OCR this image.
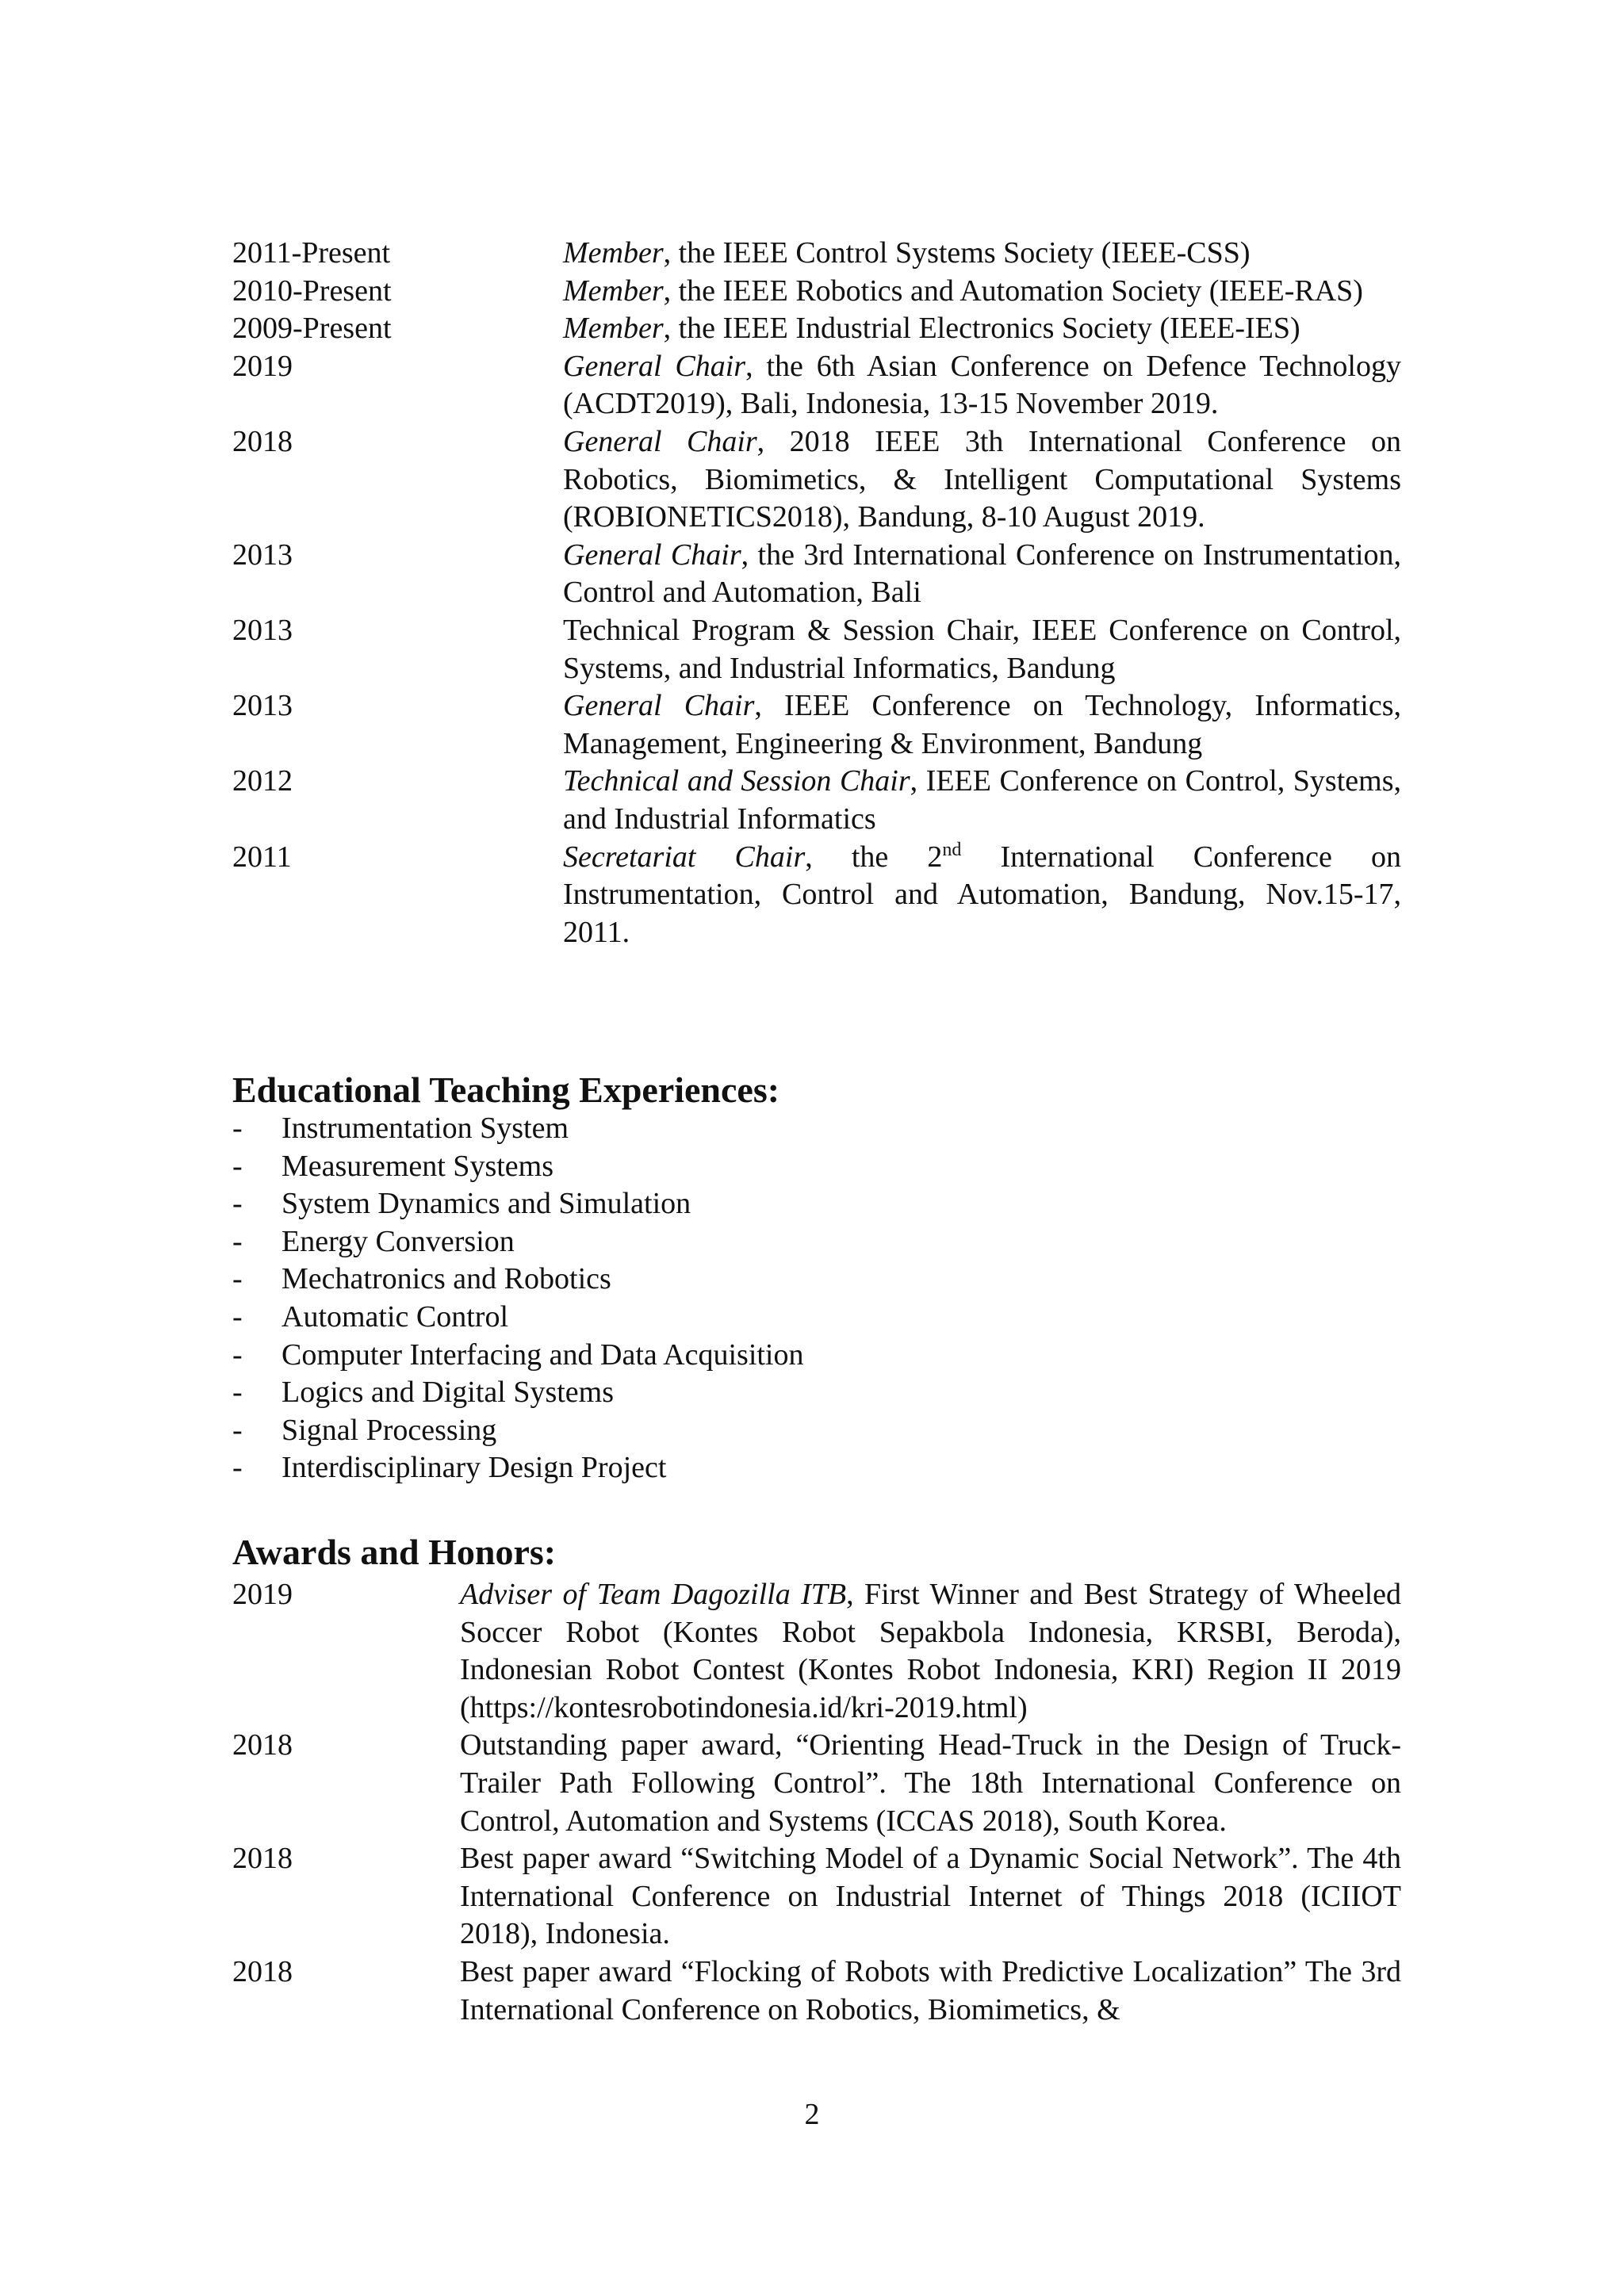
2011-Present	Member, the IEEE Control Systems Society (IEEE-CSS)
2010-Present	Member, the IEEE Robotics and Automation Society (IEEE-RAS)
2009-Present	Member, the IEEE Industrial Electronics Society (IEEE-IES)
2019	General Chair, the 6th Asian Conference on Defence Technology (ACDT2019), Bali, Indonesia, 13-15 November 2019.
2018	General Chair, 2018 IEEE 3th International Conference on Robotics, Biomimetics, & Intelligent Computational Systems (ROBIONETICS2018), Bandung, 8-10 August 2019.
2013	General Chair, the 3rd International Conference on Instrumentation, Control and Automation, Bali
2013	Technical Program & Session Chair, IEEE Conference on Control, Systems, and Industrial Informatics, Bandung
2013	General Chair, IEEE Conference on Technology, Informatics, Management, Engineering & Environment, Bandung
2012	Technical and Session Chair, IEEE Conference on Control, Systems, and Industrial Informatics
2011	Secretariat Chair, the 2nd International Conference on Instrumentation, Control and Automation, Bandung, Nov.15-17, 2011.
Educational Teaching Experiences:
-	Instrumentation System
-	Measurement Systems
-	System Dynamics and Simulation
-	Energy Conversion
-	Mechatronics and Robotics
-	Automatic Control
-	Computer Interfacing and Data Acquisition
-	Logics and Digital Systems
-	Signal Processing
-	Interdisciplinary Design Project
Awards and Honors:
2019	Adviser of Team Dagozilla ITB, First Winner and Best Strategy of Wheeled Soccer Robot (Kontes Robot Sepakbola Indonesia, KRSBI, Beroda), Indonesian Robot Contest (Kontes Robot Indonesia, KRI) Region II 2019 (https://kontesrobotindonesia.id/kri-2019.html)
2018	Outstanding paper award, “Orienting Head-Truck in the Design of Truck-Trailer Path Following Control”. The 18th International Conference on Control, Automation and Systems (ICCAS 2018), South Korea.
2018	Best paper award “Switching Model of a Dynamic Social Network”. The 4th International Conference on Industrial Internet of Things 2018 (ICIIOT 2018), Indonesia.
2018	Best paper award “Flocking of Robots with Predictive Localization” The 3rd International Conference on Robotics, Biomimetics, &
2
